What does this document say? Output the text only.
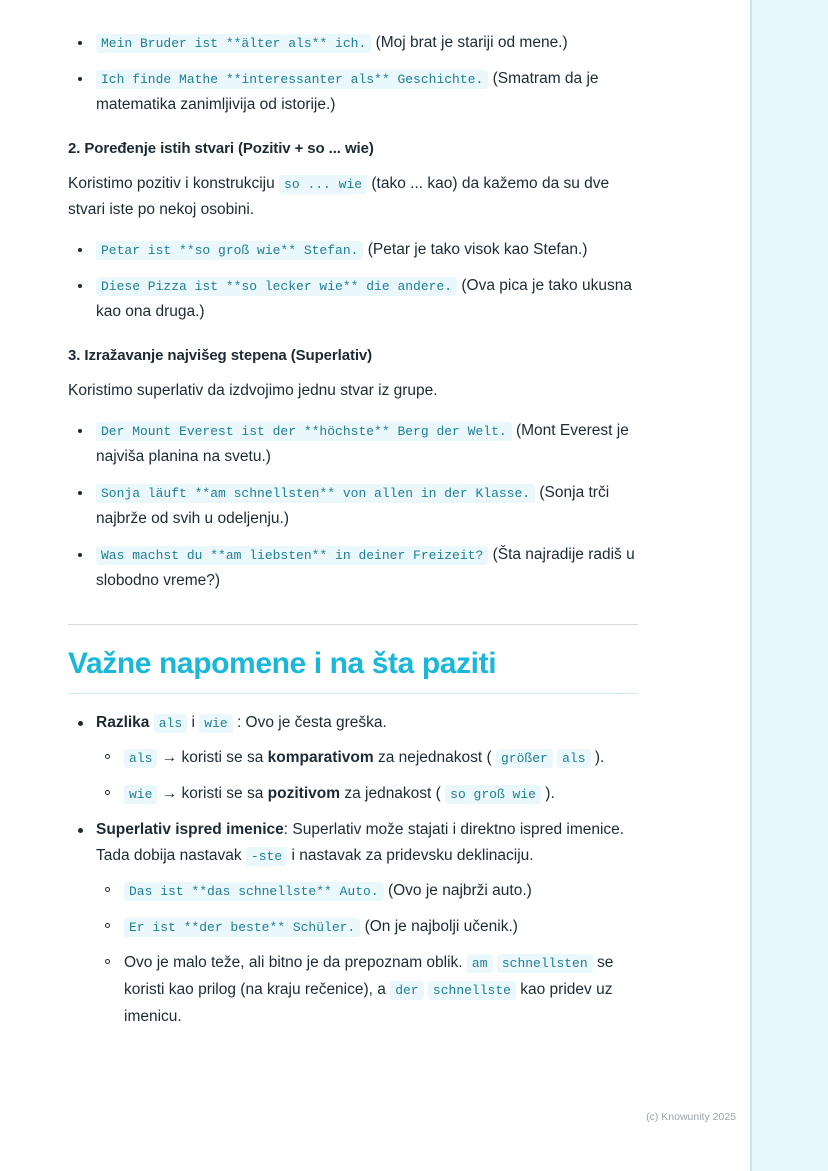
Mein Bruder ist **älter als** ich. (Moj brat je stariji od mene.)
Ich finde Mathe **interessanter als** Geschichte. (Smatram da je matematika zanimljivija od istorije.)
2. Poređenje istih stvari (Pozitiv + so ... wie)

Koristimo pozitiv i konstrukciju so ... wie (tako ... kao) da kažemo da su dve stvari iste po nekoj osobini.

Petar ist **so groß wie** Stefan. (Petar je tako visok kao Stefan.)
Diese Pizza ist **so lecker wie** die andere. (Ova pica je tako ukusna kao ona druga.)
3. Izražavanje najvišeg stepena (Superlativ)

Koristimo superlativ da izdvojimo jednu stvar iz grupe.

Der Mount Everest ist der **höchste** Berg der Welt. (Mont Everest je najviša planina na svetu.)
Sonja läuft **am schnellsten** von allen in der Klasse. (Sonja trči najbrže od svih u odeljenju.)
Was machst du **am liebsten** in deiner Freizeit? (Šta najradije radiš u slobodno vreme?)
Važne napomene i na šta paziti
Razlika als i wie : Ovo je česta greška.
als → koristi se sa komparativom za nejednakost ( größer als ).
wie → koristi se sa pozitivom za jednakost ( so groß wie ).
Superlativ ispred imenice: Superlativ može stajati i direktno ispred imenice. Tada dobija nastavak -ste i nastavak za pridevsku deklinaciju.
Das ist **das schnellste** Auto. (Ovo je najbrži auto.)
Er ist **der beste** Schüler. (On je najbolji učenik.)
Ovo je malo teže, ali bitno je da prepoznam oblik. am schnellsten se koristi kao prilog (na kraju rečenice), a der schnellste kao pridev uz imenicu.
(c) Knowunity 2025
